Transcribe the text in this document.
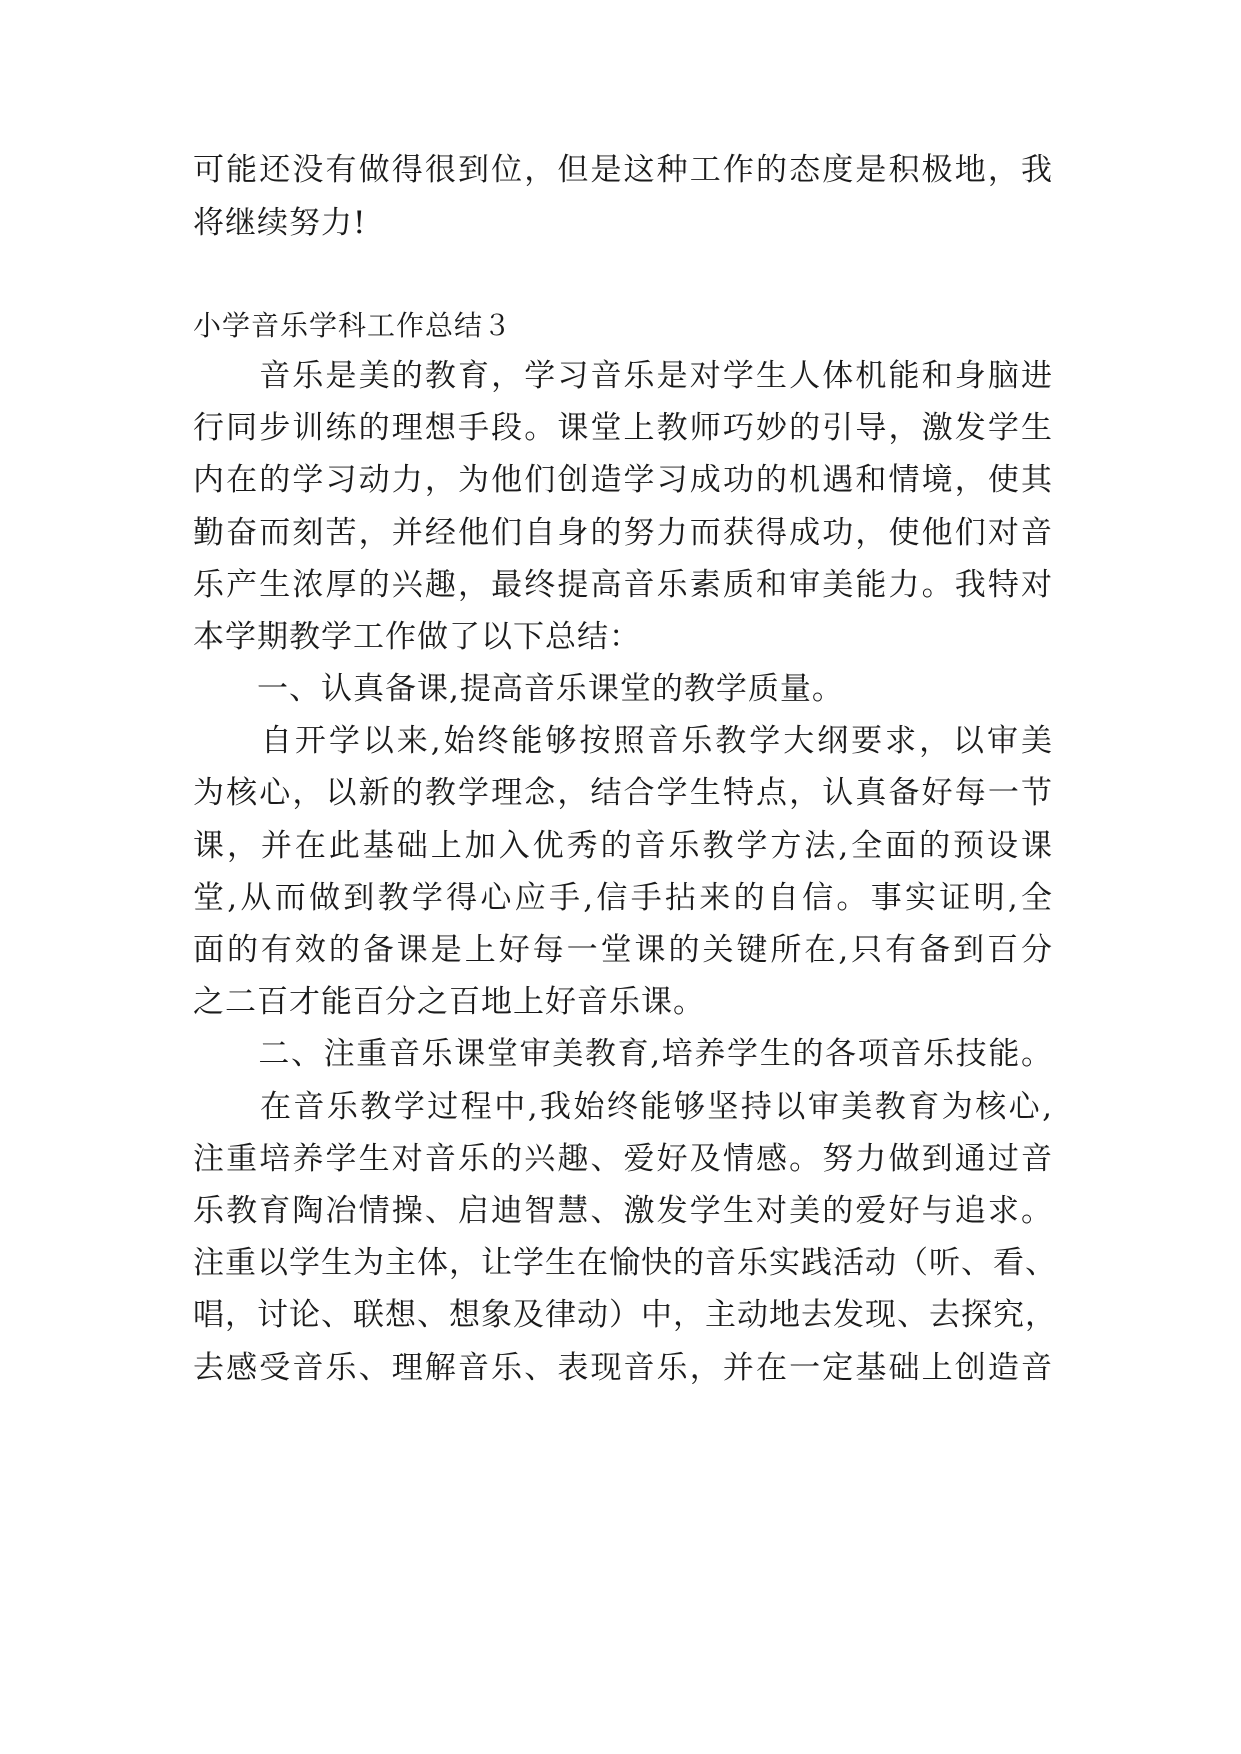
可能还没有做得很到位，但是这种工作的态度是积极地，我
将继续努力!
小学音乐学科工作总结３
　　音乐是美的教育，学习音乐是对学生人体机能和身脑进
行同步训练的理想手段。课堂上教师巧妙的引导，激发学生
内在的学习动力，为他们创造学习成功的机遇和情境，使其
勤奋而刻苦，并经他们自身的努力而获得成功，使他们对音
乐产生浓厚的兴趣，最终提高音乐素质和审美能力。我特对
本学期教学工作做了以下总结：
　　一、认真备课,提高音乐课堂的教学质量。
　　自开学以来,始终能够按照音乐教学大纲要求，以审美
为核心，以新的教学理念，结合学生特点，认真备好每一节
课，并在此基础上加入优秀的音乐教学方法,全面的预设课
堂,从而做到教学得心应手,信手拈来的自信。事实证明,全
面的有效的备课是上好每一堂课的关键所在,只有备到百分
之二百才能百分之百地上好音乐课。
　　二、注重音乐课堂审美教育,培养学生的各项音乐技能。
　　在音乐教学过程中,我始终能够坚持以审美教育为核心,
注重培养学生对音乐的兴趣、爱好及情感。努力做到通过音
乐教育陶冶情操、启迪智慧、激发学生对美的爱好与追求。
注重以学生为主体，让学生在愉快的音乐实践活动（听、看、
唱，讨论、联想、想象及律动）中，主动地去发现、去探究，
去感受音乐、理解音乐、表现音乐，并在一定基础上创造音
